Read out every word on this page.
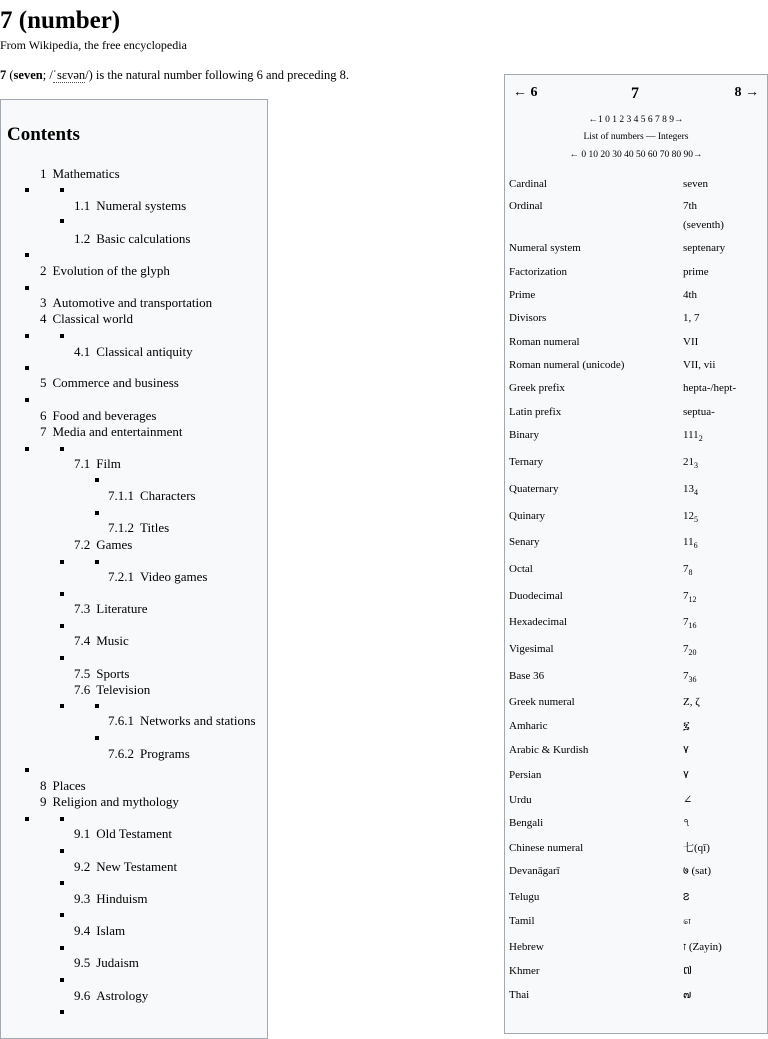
7 (number)
From Wikipedia, the free encyclopedia
7 (seven; /ˈsɛvən/) is the natural number following 6 and preceding 8.
Contents
1 Mathematics
1.1 Numeral systems
1.2 Basic calculations
2 Evolution of the glyph
3 Automotive and transportation
4 Classical world
4.1 Classical antiquity
5 Commerce and business
6 Food and beverages
7 Media and entertainment
7.1 Film
7.1.1 Characters
7.1.2 Titles
7.2 Games
7.2.1 Video games
7.3 Literature
7.4 Music
7.5 Sports
7.6 Television
7.6.1 Networks and stations
7.6.2 Programs
8 Places
9 Religion and mythology
9.1 Old Testament
9.2 New Testament
9.3 Hinduism
9.4 Islam
9.5 Judaism
9.6 Astrology
← 6	7	8 →
←1 0 1 2 3 4 5 6 7 8 9→
List of numbers — Integers
← 0 10 20 30 40 50 60 70 80 90→
Cardinal	seven
Ordinal	7th
(seventh)
Numeral system	septenary
Factorization	prime
Prime	4th
Divisors	1, 7
Roman numeral	VII
Roman numeral (unicode)	VII, vii
Greek prefix	hepta-/hept-
Latin prefix	septua-
Binary	$111_2$
Ternary	$21_3$
Quaternary	$13_4$
Quinary	$12_5$
Senary	$11_6$
Octal	$7_8$
Duodecimal	$7_{12}$
Hexadecimal	$7_{16}$
Vigesimal	$7_{20}$
Base 36	$7_{36}$
Greek numeral	Z, ζ
Amharic	፯
Arabic & Kurdish	٧
Persian	٧
Urdu	∠
Bengali	৭
Chinese numeral	七(qī)
Devanāgarī	७ (sat)
Telugu	౭
Tamil	௭
Hebrew	ז (Zayin)
Khmer	៧
Thai	๗
